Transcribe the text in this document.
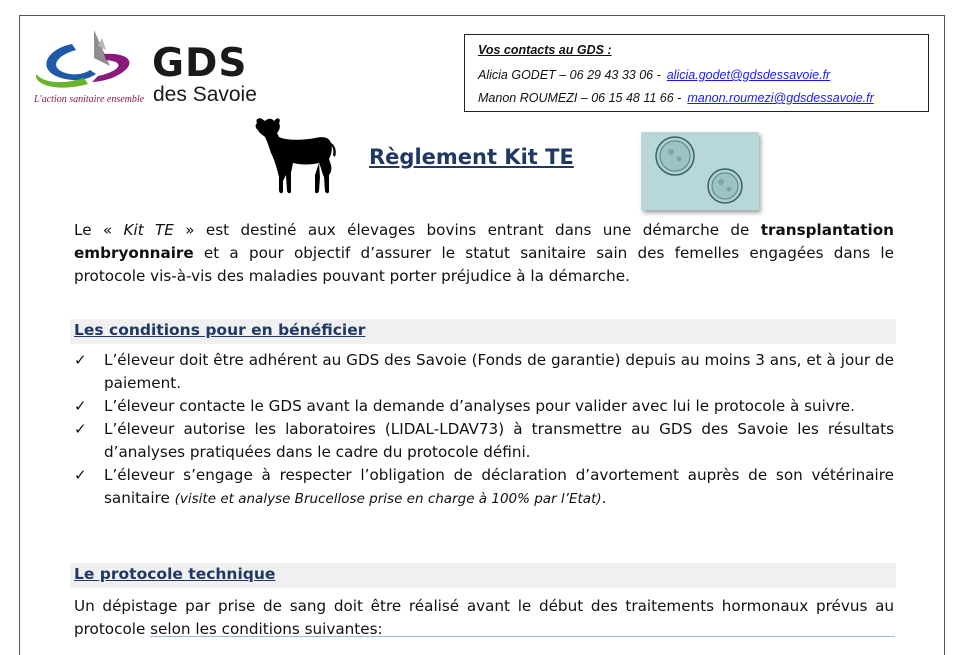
GDS
des Savoie
L'action sanitaire ensemble
Vos contacts au GDS :
Alicia GODET – 06 29 43 33 06 - alicia.godet@gdsdessavoie.fr
Manon ROUMEZI – 06 15 48 11 66 - manon.roumezi@gdsdessavoie.fr
Règlement Kit TE
Le « Kit TE » est destiné aux élevages bovins entrant dans une démarche de transplantation embryonnaire et a pour objectif d’assurer le statut sanitaire sain des femelles engagées dans le protocole vis-à-vis des maladies pouvant porter préjudice à la démarche.
Les conditions pour en bénéficier
✓ L’éleveur doit être adhérent au GDS des Savoie (Fonds de garantie) depuis au moins 3 ans, et à jour de paiement.
✓ L’éleveur contacte le GDS avant la demande d’analyses pour valider avec lui le protocole à suivre.
✓ L’éleveur autorise les laboratoires (LIDAL-LDAV73) à transmettre au GDS des Savoie les résultats d’analyses pratiquées dans le cadre du protocole défini.
✓ L’éleveur s’engage à respecter l’obligation de déclaration d’avortement auprès de son vétérinaire sanitaire (visite et analyse Brucellose prise en charge à 100% par l’Etat).
Le protocole technique
Un dépistage par prise de sang doit être réalisé avant le début des traitements hormonaux prévus au protocole selon les conditions suivantes:
